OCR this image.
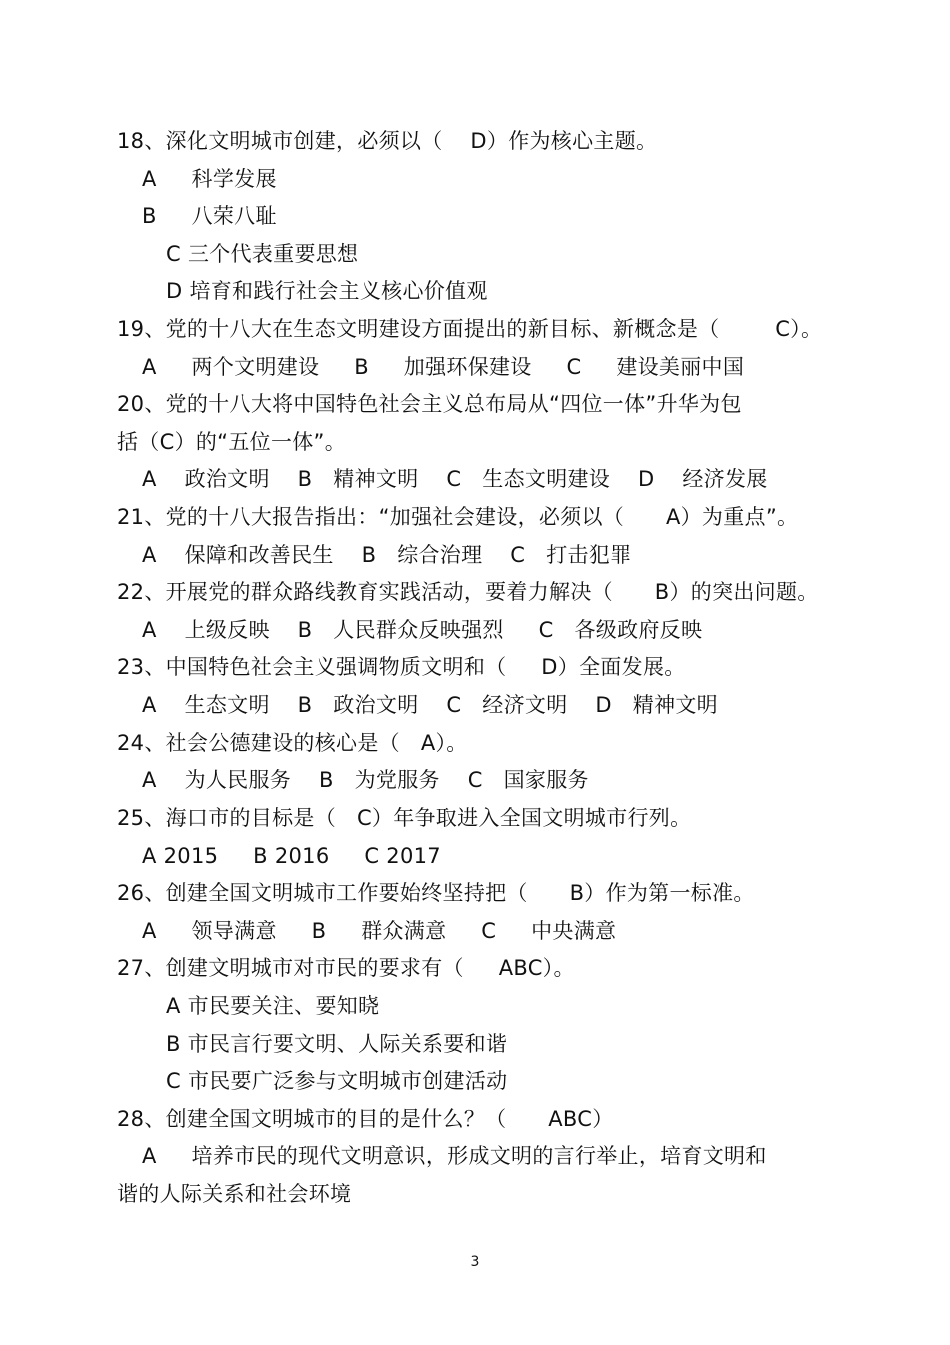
18、深化文明城市创建，必须以（    D）作为核心主题。
A     科学发展
B     八荣八耻
C 三个代表重要思想
D 培育和践行社会主义核心价值观
19、党的十八大在生态文明建设方面提出的新目标、新概念是（        C）。
A     两个文明建设     B     加强环保建设     C     建设美丽中国
20、党的十八大将中国特色社会主义总布局从“四位一体”升华为包
括（C）的“五位一体”。
A    政治文明    B   精神文明    C   生态文明建设    D    经济发展
21、党的十八大报告指出：“加强社会建设，必须以（      A）为重点”。
A    保障和改善民生    B   综合治理    C   打击犯罪
22、开展党的群众路线教育实践活动，要着力解决（      B）的突出问题。
A    上级反映    B   人民群众反映强烈     C   各级政府反映
23、中国特色社会主义强调物质文明和（     D）全面发展。
A    生态文明    B   政治文明    C   经济文明    D   精神文明
24、社会公德建设的核心是（   A）。
A    为人民服务    B   为党服务    C   国家服务
25、海口市的目标是（   C）年争取进入全国文明城市行列。
A 2015     B 2016     C 2017
26、创建全国文明城市工作要始终坚持把（      B）作为第一标准。
A     领导满意     B     群众满意     C     中央满意
27、创建文明城市对市民的要求有（     ABC）。
A 市民要关注、要知晓
B 市民言行要文明、人际关系要和谐
C 市民要广泛参与文明城市创建活动
28、创建全国文明城市的目的是什么？（      ABC）
A     培养市民的现代文明意识，形成文明的言行举止，培育文明和
谐的人际关系和社会环境
3
